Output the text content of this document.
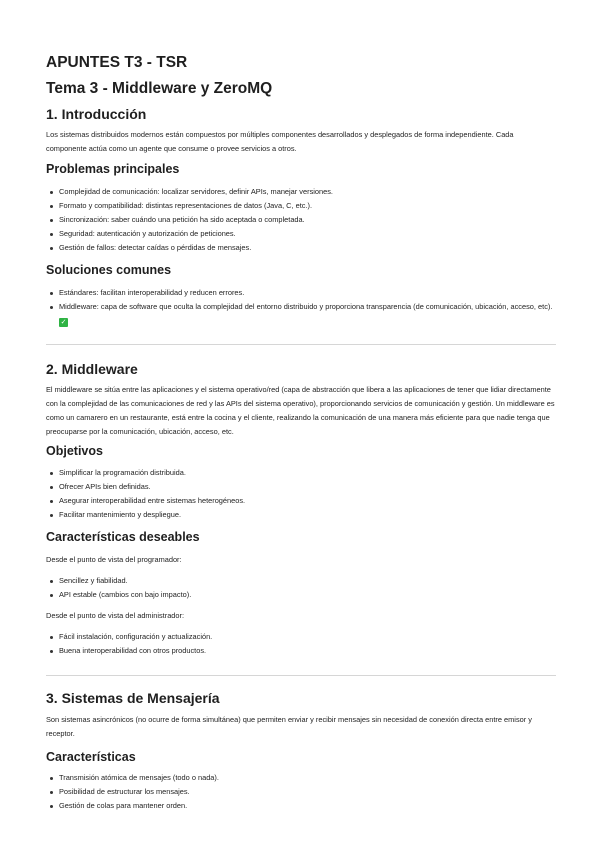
APUNTES T3 - TSR
Tema 3 - Middleware y ZeroMQ
1. Introducción

Los sistemas distribuidos modernos están compuestos por múltiples componentes desarrollados y desplegados de forma independiente. Cada componente actúa como un agente que consume o provee servicios a otros.

Problemas principales
Complejidad de comunicación: localizar servidores, definir APIs, manejar versiones.
Formato y compatibilidad: distintas representaciones de datos (Java, C, etc.).
Sincronización: saber cuándo una petición ha sido aceptada o completada.
Seguridad: autenticación y autorización de peticiones.
Gestión de fallos: detectar caídas o pérdidas de mensajes.
Soluciones comunes
Estándares: facilitan interoperabilidad y reducen errores.
Middleware: capa de software que oculta la complejidad del entorno distribuido y proporciona transparencia (de comunicación, ubicación, acceso, etc). ✓
2. Middleware

El middleware se sitúa entre las aplicaciones y el sistema operativo/red (capa de abstracción que libera a las aplicaciones de tener que lidiar directamente con la complejidad de las comunicaciones de red y las APIs del sistema operativo), proporcionando servicios de comunicación y gestión. Un middleware es como un camarero en un restaurante, está entre la cocina y el cliente, realizando la comunicación de una manera más eficiente para que nadie tenga que preocuparse por la comunicación, ubicación, acceso, etc.

Objetivos
Simplificar la programación distribuida.
Ofrecer APIs bien definidas.
Asegurar interoperabilidad entre sistemas heterogéneos.
Facilitar mantenimiento y despliegue.
Características deseables

Desde el punto de vista del programador:

Sencillez y fiabilidad.
API estable (cambios con bajo impacto).

Desde el punto de vista del administrador:

Fácil instalación, configuración y actualización.
Buena interoperabilidad con otros productos.
3. Sistemas de Mensajería

Son sistemas asincrónicos (no ocurre de forma simultánea) que permiten enviar y recibir mensajes sin necesidad de conexión directa entre emisor y receptor.

Características
Transmisión atómica de mensajes (todo o nada).
Posibilidad de estructurar los mensajes.
Gestión de colas para mantener orden.
